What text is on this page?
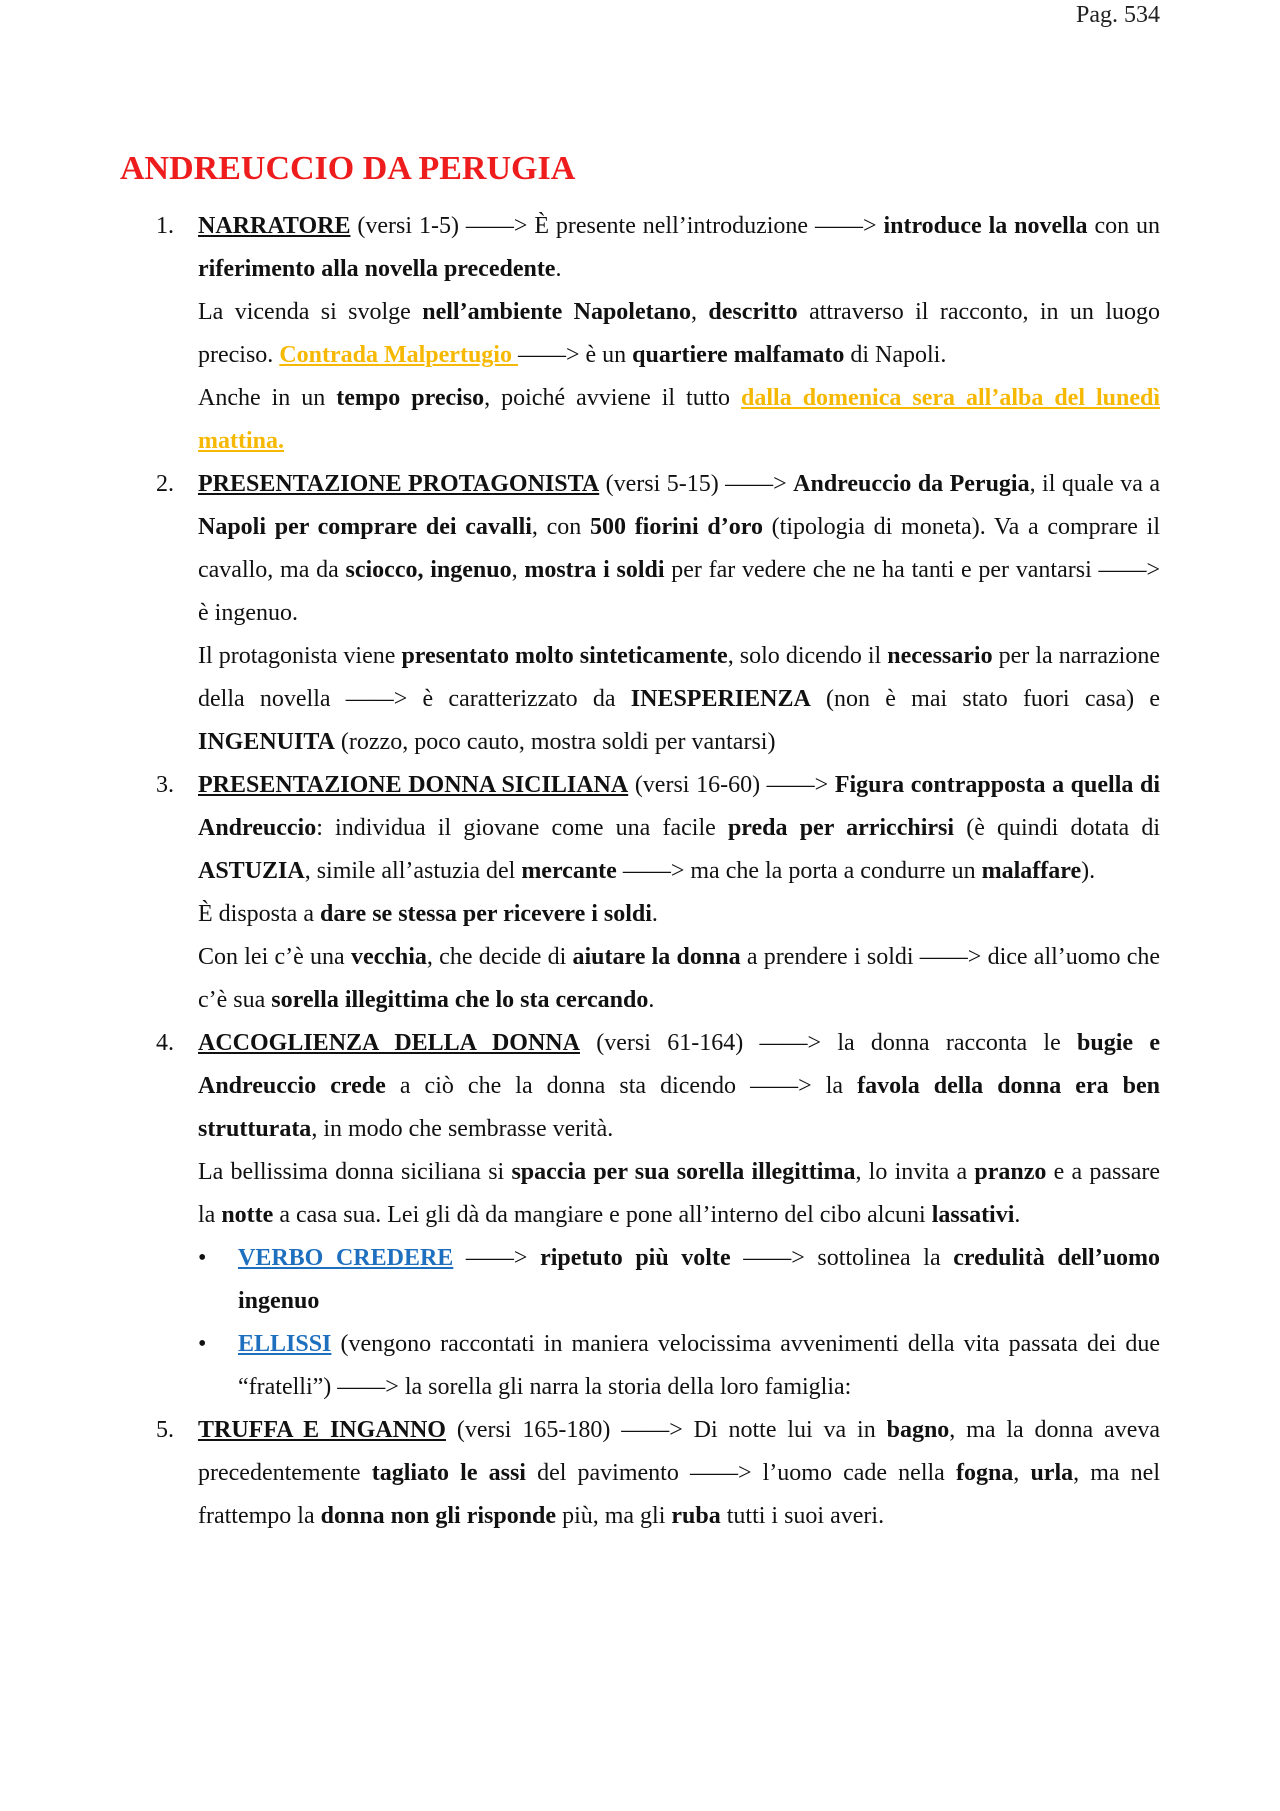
Pag. 534
ANDREUCCIO DA PERUGIA
1. NARRATORE (versi 1-5) ——> È presente nell’introduzione ——> introduce la novella con un riferimento alla novella precedente.

La vicenda si svolge nell’ambiente Napoletano, descritto attraverso il racconto, in un luogo preciso. Contrada Malpertugio ——> è un quartiere malfamato di Napoli.

Anche in un tempo preciso, poiché avviene il tutto dalla domenica sera all’alba del lunedì mattina.

2. PRESENTAZIONE PROTAGONISTA (versi 5-15) ——> Andreuccio da Perugia, il quale va a Napoli per comprare dei cavalli, con 500 fiorini d’oro (tipologia di moneta). Va a comprare il cavallo, ma da sciocco, ingenuo, mostra i soldi per far vedere che ne ha tanti e per vantarsi ——> è ingenuo.

Il protagonista viene presentato molto sinteticamente, solo dicendo il necessario per la narrazione della novella ——> è caratterizzato da INESPERIENZA (non è mai stato fuori casa) e INGENUITA (rozzo, poco cauto, mostra soldi per vantarsi)

3. PRESENTAZIONE DONNA SICILIANA (versi 16-60) ——> Figura contrapposta a quella di Andreuccio: individua il giovane come una facile preda per arricchirsi (è quindi dotata di ASTUZIA, simile all’astuzia del mercante ——> ma che la porta a condurre un malaffare).

È disposta a dare se stessa per ricevere i soldi.

Con lei c’è una vecchia, che decide di aiutare la donna a prendere i soldi ——> dice all’uomo che c’è sua sorella illegittima che lo sta cercando.

4. ACCOGLIENZA DELLA DONNA (versi 61-164) ——> la donna racconta le bugie e Andreuccio crede a ciò che la donna sta dicendo ——> la favola della donna era ben strutturata, in modo che sembrasse verità.

La bellissima donna siciliana si spaccia per sua sorella illegittima, lo invita a pranzo e a passare la notte a casa sua. Lei gli dà da mangiare e pone all’interno del cibo alcuni lassativi.

• VERBO CREDERE ——> ripetuto più volte ——> sottolinea la credulità dell’uomo ingenuo
• ELLISSI (vengono raccontati in maniera velocissima avvenimenti della vita passata dei due “fratelli”) ——> la sorella gli narra la storia della loro famiglia:
5. TRUFFA E INGANNO (versi 165-180) ——> Di notte lui va in bagno, ma la donna aveva precedentemente tagliato le assi del pavimento ——> l’uomo cade nella fogna, urla, ma nel frattempo la donna non gli risponde più, ma gli ruba tutti i suoi averi.
